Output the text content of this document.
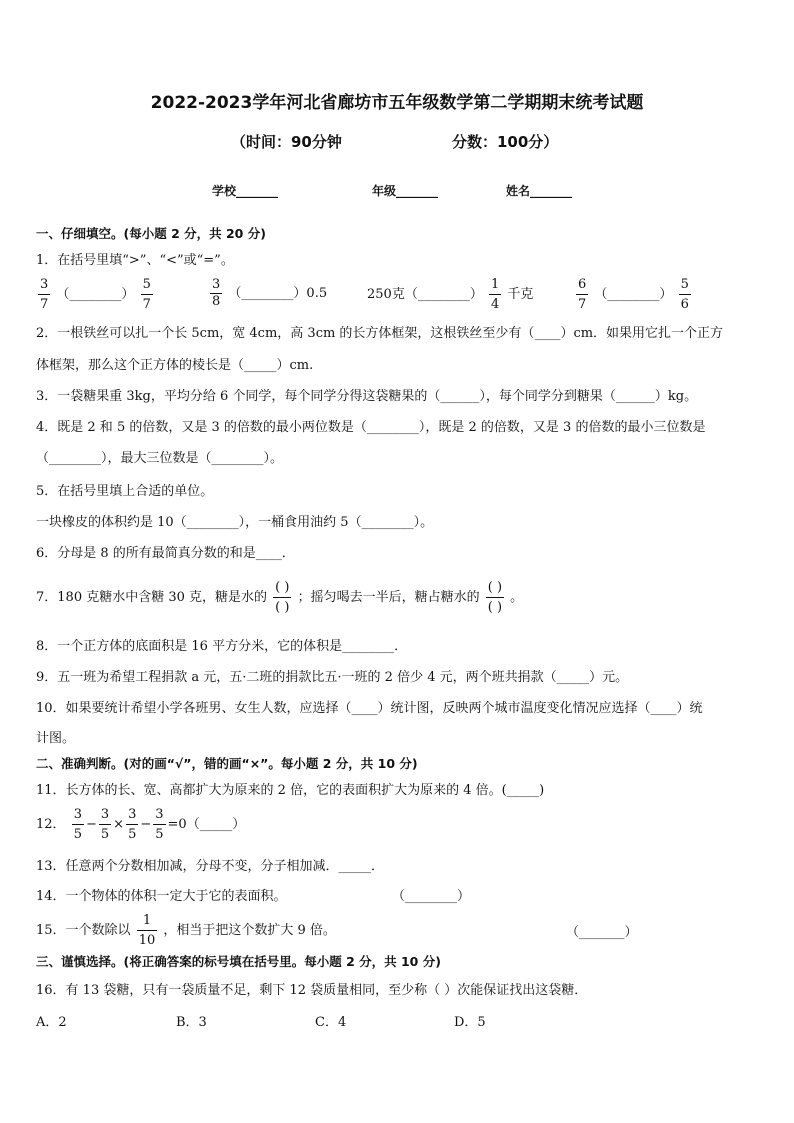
2022-2023学年河北省廊坊市五年级数学第二学期期末统考试题
（时间：90分钟	分数：100分）
学校_______	年级_______	姓名_______
一、仔细填空。(每小题 2 分，共 20 分)
1．在括号里填“>”、“<”或“=”。
$\frac{3}{7}$ （________） $\frac{5}{7}$	$\frac{3}{8}$ （________）0.5	250克（________） $\frac{1}{4}$ 千克	$\frac{6}{7}$ （________） $\frac{5}{6}$
2．一根铁丝可以扎一个长 5cm，宽 4cm，高 3cm 的长方体框架，这根铁丝至少有（____）cm．如果用它扎一个正方
体框架，那么这个正方体的棱长是（_____）cm.
3．一袋糖果重 3kg，平均分给 6 个同学，每个同学分得这袋糖果的（______），每个同学分到糖果（______）kg。
4．既是 2 和 5 的倍数，又是 3 的倍数的最小两位数是（________），既是 2 的倍数，又是 3 的倍数的最小三位数是
（________），最大三位数是（________）。
5．在括号里填上合适的单位。
一块橡皮的体积约是 10（________），一桶食用油约 5（________）。
6．分母是 8 的所有最简真分数的和是____．
7．180 克糖水中含糖 30 克，糖是水的 $\frac{( )}{( )}$ ；摇匀喝去一半后，糖占糖水的 $\frac{( )}{( )}$ 。
8．一个正方体的底面积是 16 平方分米，它的体积是________．
9．五一班为希望工程捐款 a 元，五·二班的捐款比五·一班的 2 倍少 4 元，两个班共捐款（_____）元。
10．如果要统计希望小学各班男、女生人数，应选择（____）统计图，反映两个城市温度变化情况应选择（____）统
计图。
二、准确判断。(对的画“√”，错的画“×”。每小题 2 分，共 10 分)
11．长方体的长、宽、高都扩大为原来的 2 倍，它的表面积扩大为原来的 4 倍。(_____)
12． $\frac{3}{5} - \frac{3}{5} \times \frac{3}{5} - \frac{3}{5}$ =0（_____）
13．任意两个分数相加减，分母不变，分子相加减．_____．
14．一个物体的体积一定大于它的表面积。	（________）
15．一个数除以 $\frac{1}{10}$ ，相当于把这个数扩大 9 倍。	（_______）
三、谨慎选择。(将正确答案的标号填在括号里。每小题 2 分，共 10 分)
16．有 13 袋糖，只有一袋质量不足，剩下 12 袋质量相同，至少称（ ）次能保证找出这袋糖．
A．2	B．3	C．4	D．5
